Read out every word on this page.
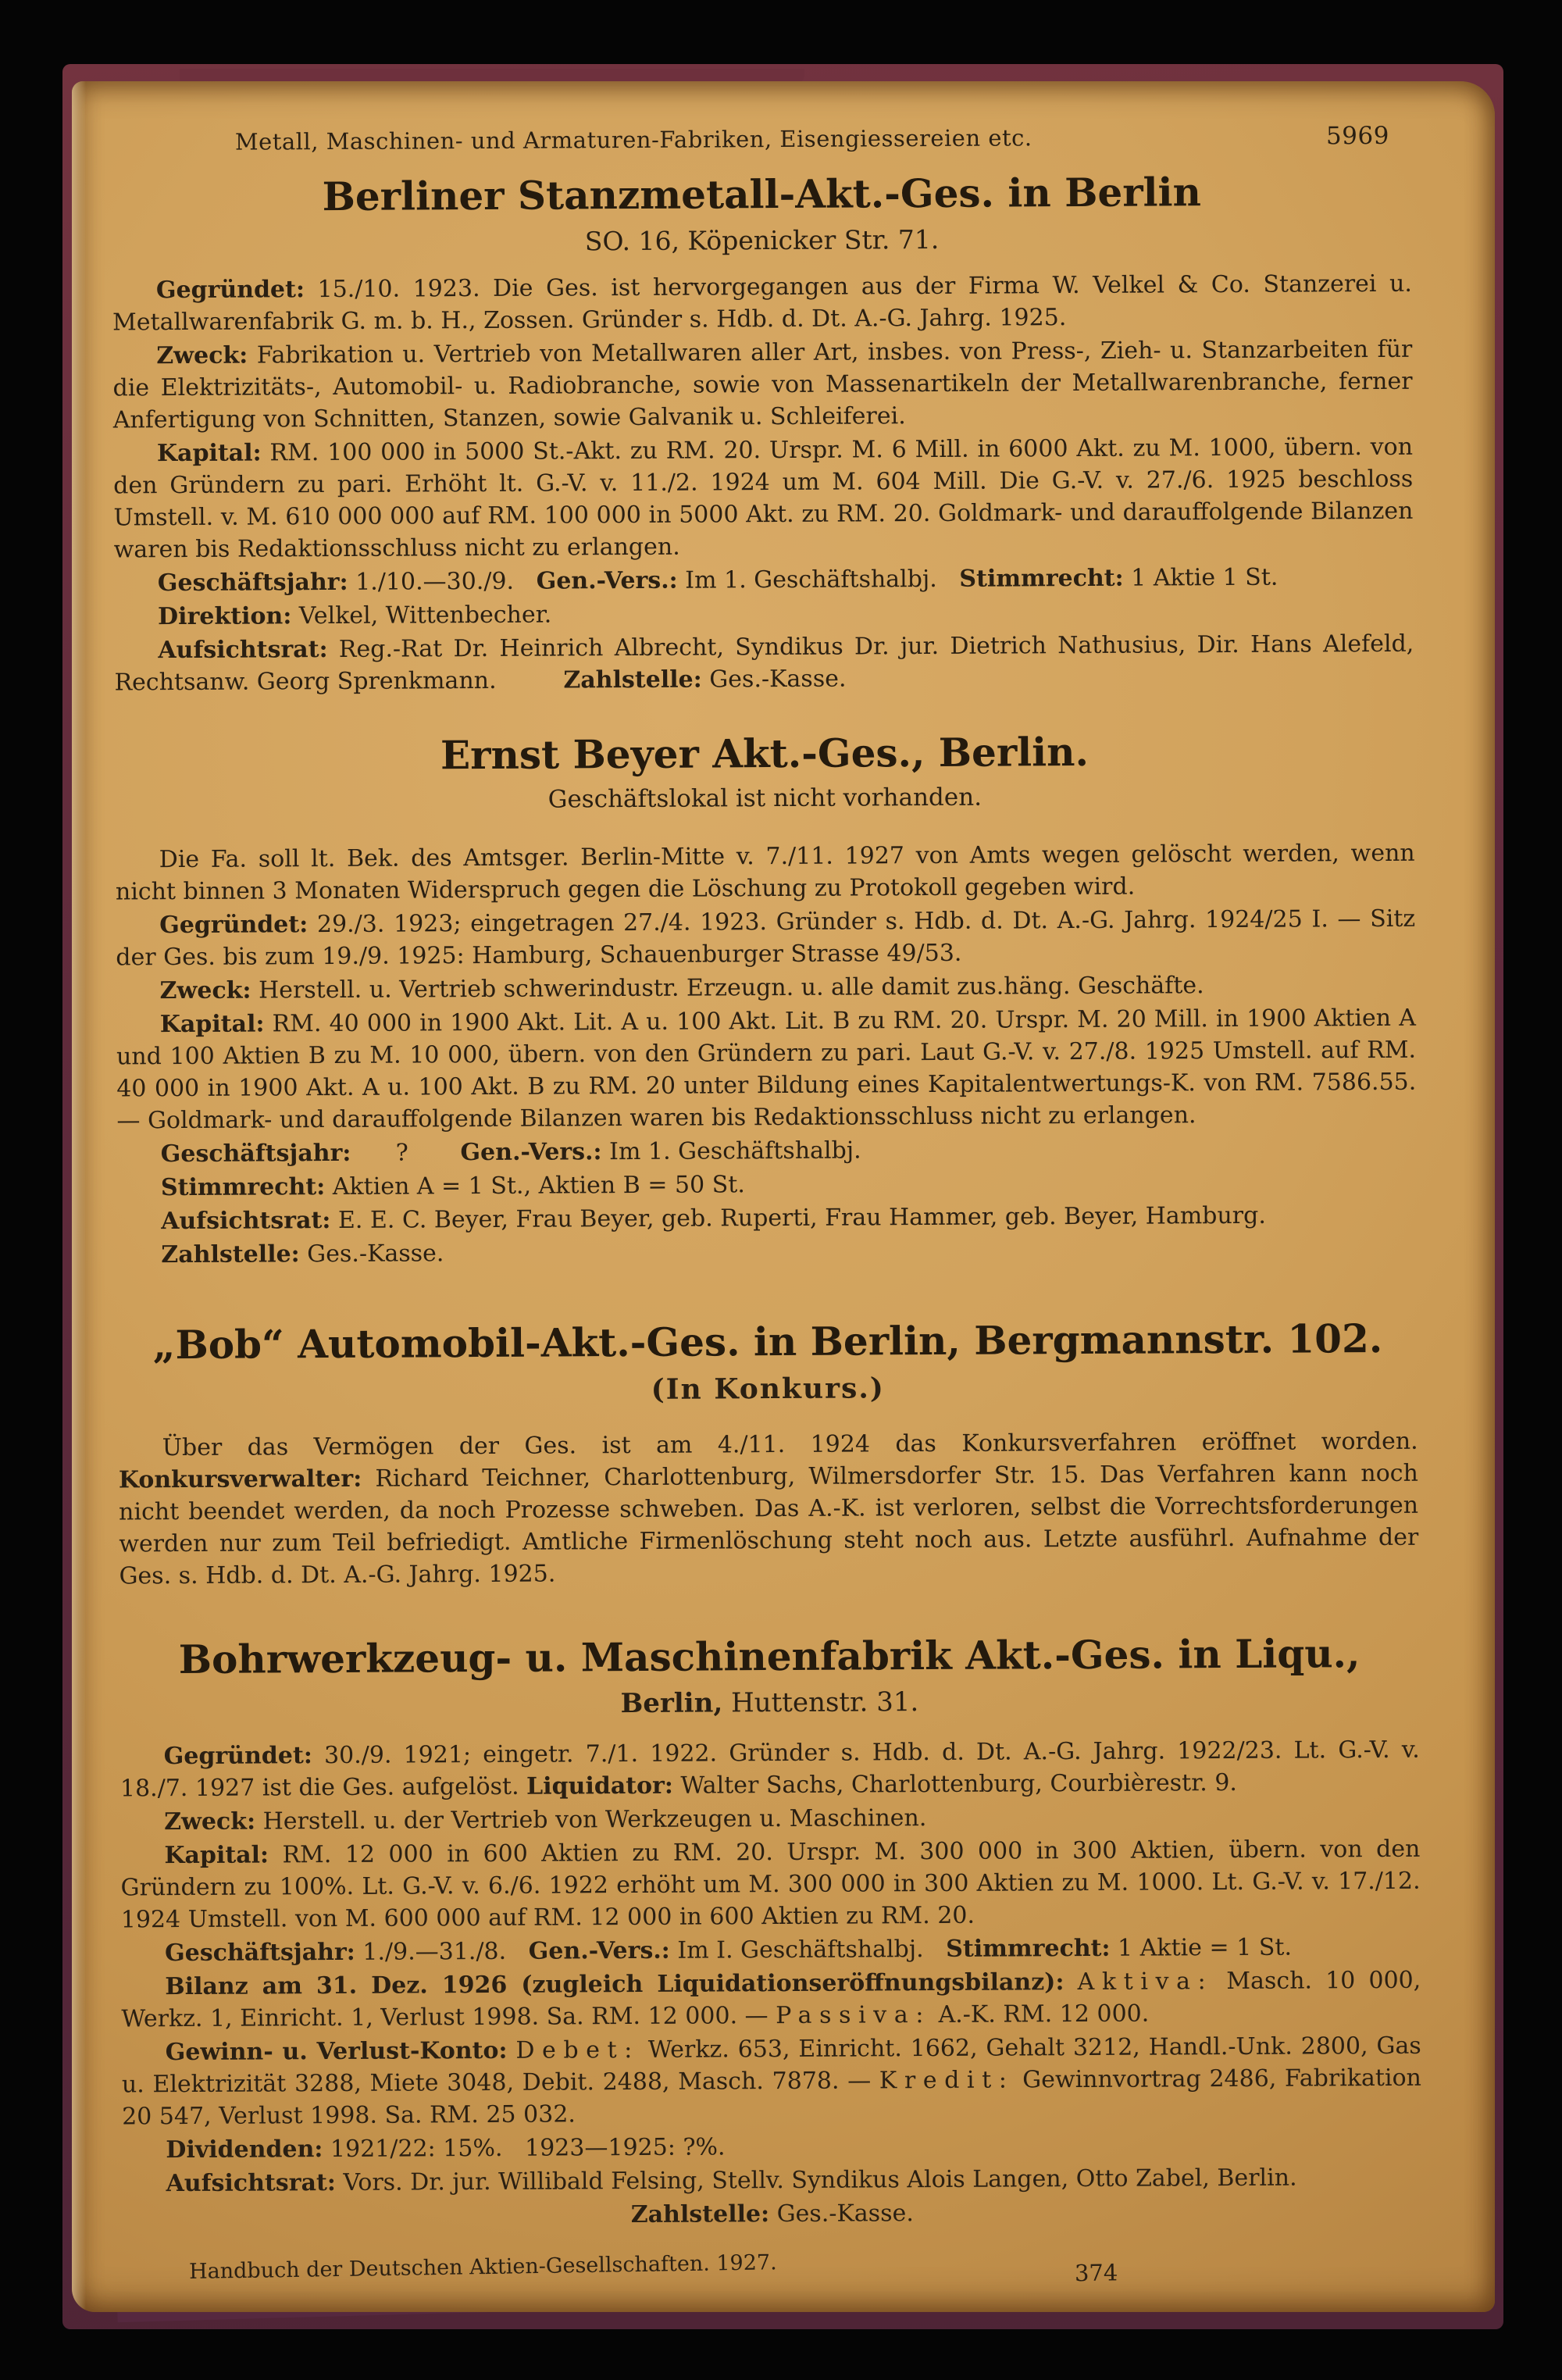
Metall, Maschinen- und Armaturen-Fabriken, Eisengiessereien etc.	5969
Berliner Stanzmetall-Akt.-Ges. in Berlin

SO. 16, Köpenicker Str. 71.

Gegründet: 15./10. 1923. Die Ges. ist hervorgegangen aus der Firma W. Velkel & Co. Stanzerei u. Metallwarenfabrik G. m. b. H., Zossen. Gründer s. Hdb. d. Dt. A.-G. Jahrg. 1925.

Zweck: Fabrikation u. Vertrieb von Metallwaren aller Art, insbes. von Press-, Zieh- u. Stanzarbeiten für die Elektrizitäts-, Automobil- u. Radiobranche, sowie von Massenartikeln der Metallwarenbranche, ferner Anfertigung von Schnitten, Stanzen, sowie Galvanik u. Schleiferei.

Kapital: RM. 100 000 in 5000 St.-Akt. zu RM. 20. Urspr. M. 6 Mill. in 6000 Akt. zu M. 1000, übern. von den Gründern zu pari. Erhöht lt. G.-V. v. 11./2. 1924 um M. 604 Mill. Die G.-V. v. 27./6. 1925 beschloss Umstell. v. M. 610 000 000 auf RM. 100 000 in 5000 Akt. zu RM. 20. Goldmark- und darauffolgende Bilanzen waren bis Redaktionsschluss nicht zu erlangen.

Geschäftsjahr: 1./10.—30./9.   Gen.-Vers.: Im 1. Geschäftshalbj.   Stimmrecht: 1 Aktie 1 St.

Direktion: Velkel, Wittenbecher.

Aufsichtsrat: Reg.-Rat Dr. Heinrich Albrecht, Syndikus Dr. jur. Dietrich Nathusius, Dir. Hans Alefeld, Rechtsanw. Georg Sprenkmann.         Zahlstelle: Ges.-Kasse.

Ernst Beyer Akt.-Ges., Berlin.

Geschäftslokal ist nicht vorhanden.

Die Fa. soll lt. Bek. des Amtsger. Berlin-Mitte v. 7./11. 1927 von Amts wegen gelöscht werden, wenn nicht binnen 3 Monaten Widerspruch gegen die Löschung zu Protokoll gegeben wird.

Gegründet: 29./3. 1923; eingetragen 27./4. 1923. Gründer s. Hdb. d. Dt. A.-G. Jahrg. 1924/25 I. — Sitz der Ges. bis zum 19./9. 1925: Hamburg, Schauenburger Strasse 49/53.

Zweck: Herstell. u. Vertrieb schwerindustr. Erzeugn. u. alle damit zus.häng. Geschäfte.

Kapital: RM. 40 000 in 1900 Akt. Lit. A u. 100 Akt. Lit. B zu RM. 20. Urspr. M. 20 Mill. in 1900 Aktien A und 100 Aktien B zu M. 10 000, übern. von den Gründern zu pari. Laut G.-V. v. 27./8. 1925 Umstell. auf RM. 40 000 in 1900 Akt. A u. 100 Akt. B zu RM. 20 unter Bildung eines Kapitalentwertungs-K. von RM. 7586.55. — Goldmark- und darauffolgende Bilanzen waren bis Redaktionsschluss nicht zu erlangen.

Geschäftsjahr:      ?       Gen.-Vers.: Im 1. Geschäftshalbj.

Stimmrecht: Aktien A = 1 St., Aktien B = 50 St.

Aufsichtsrat: E. E. C. Beyer, Frau Beyer, geb. Ruperti, Frau Hammer, geb. Beyer, Hamburg.

Zahlstelle: Ges.-Kasse.

„Bob“ Automobil-Akt.-Ges. in Berlin, Bergmannstr. 102.

(In Konkurs.)

Über das Vermögen der Ges. ist am 4./11. 1924 das Konkursverfahren eröffnet worden. Konkursverwalter: Richard Teichner, Charlottenburg, Wilmersdorfer Str. 15. Das Verfahren kann noch nicht beendet werden, da noch Prozesse schweben. Das A.-K. ist verloren, selbst die Vorrechtsforderungen werden nur zum Teil befriedigt. Amtliche Firmenlöschung steht noch aus. Letzte ausführl. Aufnahme der Ges. s. Hdb. d. Dt. A.-G. Jahrg. 1925.

Bohrwerkzeug- u. Maschinenfabrik Akt.-Ges. in Liqu.,

Berlin, Huttenstr. 31.

Gegründet: 30./9. 1921; eingetr. 7./1. 1922. Gründer s. Hdb. d. Dt. A.-G. Jahrg. 1922/23. Lt. G.-V. v. 18./7. 1927 ist die Ges. aufgelöst. Liquidator: Walter Sachs, Charlottenburg, Courbièrestr. 9.

Zweck: Herstell. u. der Vertrieb von Werkzeugen u. Maschinen.

Kapital: RM. 12 000 in 600 Aktien zu RM. 20. Urspr. M. 300 000 in 300 Aktien, übern. von den Gründern zu 100%. Lt. G.-V. v. 6./6. 1922 erhöht um M. 300 000 in 300 Aktien zu M. 1000. Lt. G.-V. v. 17./12. 1924 Umstell. von M. 600 000 auf RM. 12 000 in 600 Aktien zu RM. 20.

Geschäftsjahr: 1./9.—31./8.   Gen.-Vers.: Im I. Geschäftshalbj.   Stimmrecht: 1 Aktie = 1 St.

Bilanz am 31. Dez. 1926 (zugleich Liquidationseröffnungsbilanz): Aktiva: Masch. 10 000, Werkz. 1, Einricht. 1, Verlust 1998. Sa. RM. 12 000. — Passiva: A.-K. RM. 12 000.

Gewinn- u. Verlust-Konto: Debet: Werkz. 653, Einricht. 1662, Gehalt 3212, Handl.-Unk. 2800, Gas u. Elektrizität 3288, Miete 3048, Debit. 2488, Masch. 7878. — Kredit: Gewinnvortrag 2486, Fabrikation 20 547, Verlust 1998. Sa. RM. 25 032.

Dividenden: 1921/22: 15%.   1923—1925: ?%.

Aufsichtsrat: Vors. Dr. jur. Willibald Felsing, Stellv. Syndikus Alois Langen, Otto Zabel, Berlin.

Zahlstelle: Ges.-Kasse.

Handbuch der Deutschen Aktien-Gesellschaften. 1927.	374
